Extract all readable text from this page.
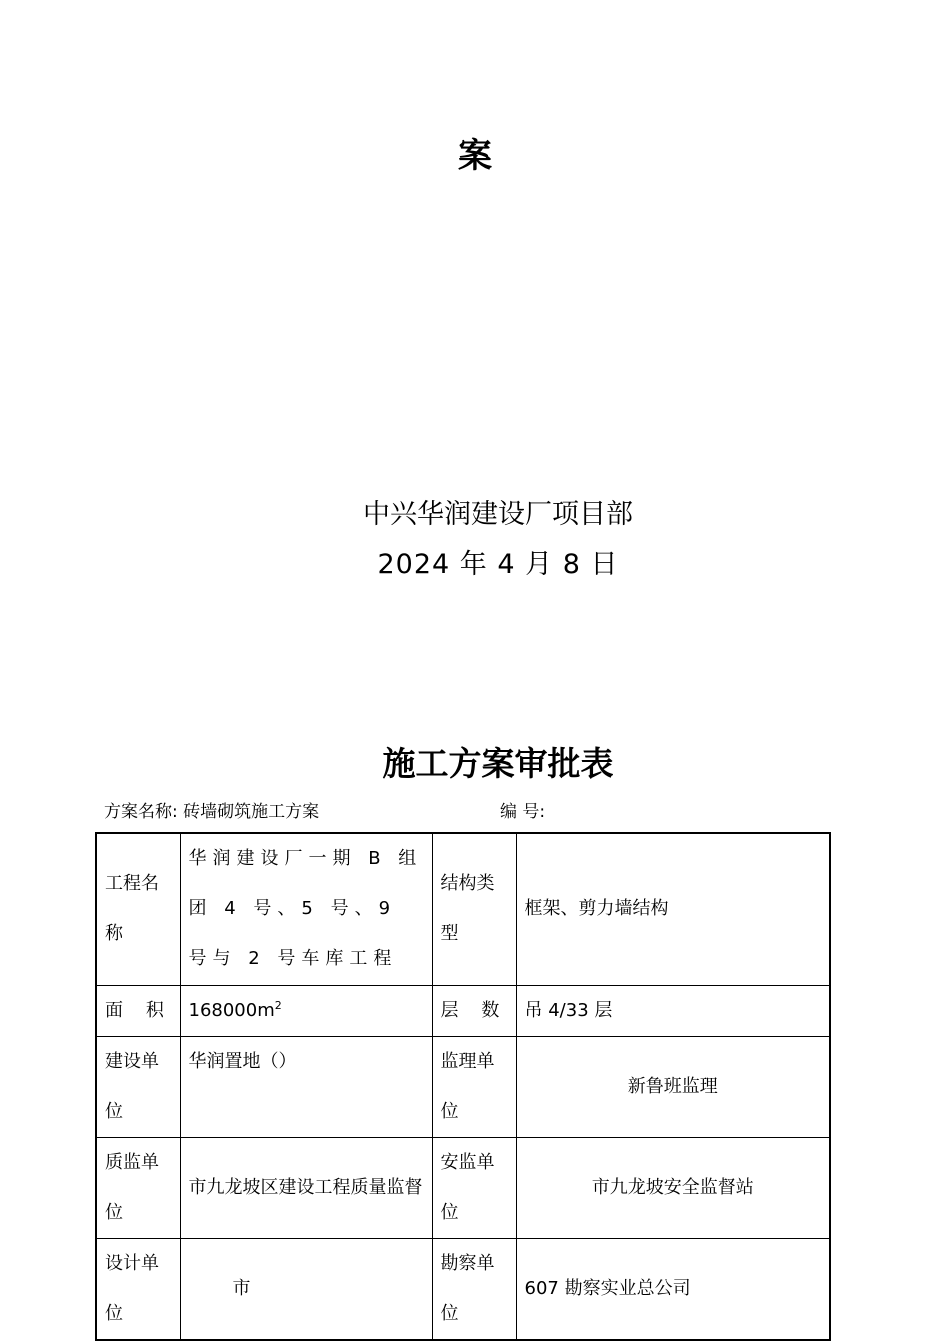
案
中兴华润建设厂项目部
2024 年 4 月 8 日
施工方案审批表
方案名称: 砖墙砌筑施工方案	编 号:
工程名称	华润建设厂一期 B 组团 4 号、5 号、9 号与 2 号车库工程	结构类型	框架、剪力墙结构
面    积	$168000m^2$	层    数	吊 4/33 层
建设单位	华润置地（）	监理单位	新鲁班监理
质监单位	市九龙坡区建设工程质量监督	安监单位	市九龙坡安全监督站
设计单位	市	勘察单位	607 勘察实业总公司
